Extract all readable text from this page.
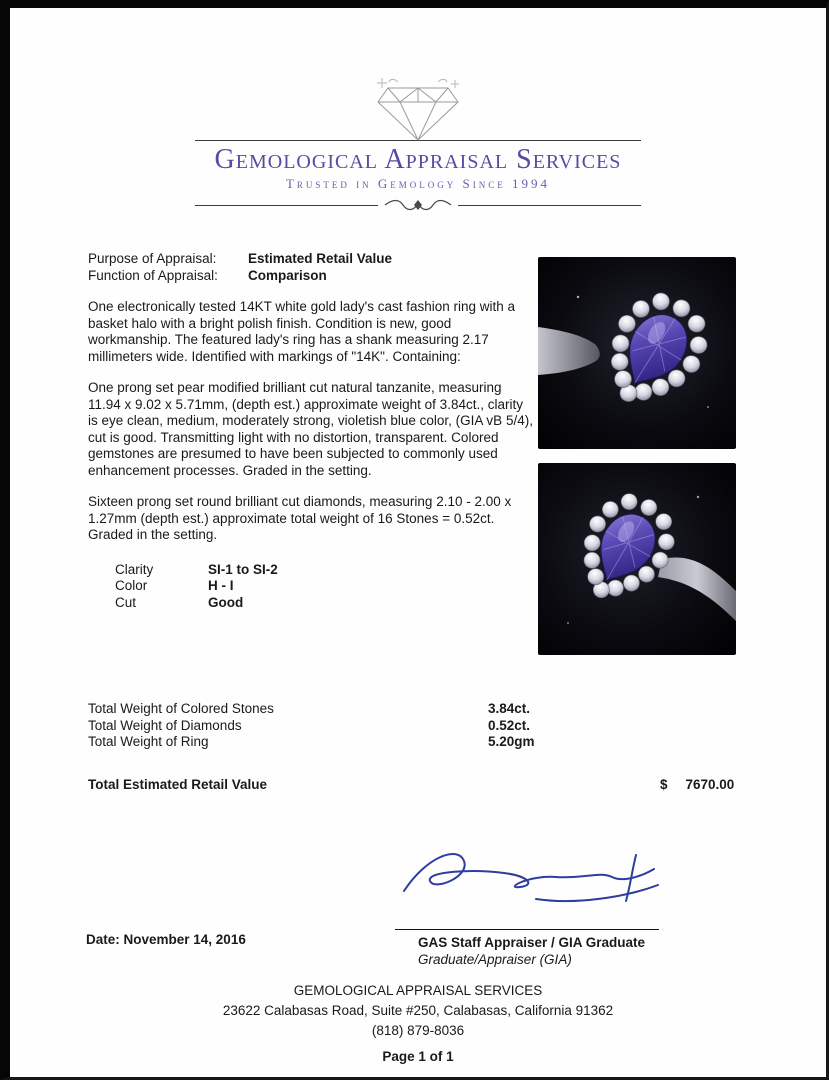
Gemological Appraisal Services
Trusted in Gemology Since 1994
Purpose of Appraisal: Estimated Retail Value
Function of Appraisal: Comparison

One electronically tested 14KT white gold lady's cast fashion ring with a basket halo with a bright polish finish. Condition is new, good workmanship. The featured lady's ring has a shank measuring 2.17 millimeters wide. Identified with markings of "14K". Containing:

One prong set pear modified brilliant cut natural tanzanite, measuring 11.94 x 9.02 x 5.71mm, (depth est.) approximate weight of 3.84ct., clarity is eye clean, medium, moderately strong, violetish blue color, (GIA vB 5/4), cut is good. Transmitting light with no distortion, transparent. Colored gemstones are presumed to have been subjected to commonly used enhancement processes. Graded in the setting.

Sixteen prong set round brilliant cut diamonds, measuring 2.10 - 2.00 x 1.27mm (depth est.) approximate total weight of 16 Stones = 0.52ct. Graded in the setting.

Clarity	SI-1 to SI-2
Color	H - I
Cut	Good
Total Weight of Colored Stones	3.84ct.
Total Weight of Diamonds	0.52ct.
Total Weight of Ring	5.20gm
Total Estimated Retail Value	$ 7670.00
Date: November 14, 2016	GAS Staff Appraiser / GIA Graduate
Graduate/Appraiser (GIA)
GEMOLOGICAL APPRAISAL SERVICES
23622 Calabasas Road, Suite #250, Calabasas, California 91362
(818) 879-8036
Page 1 of 1
